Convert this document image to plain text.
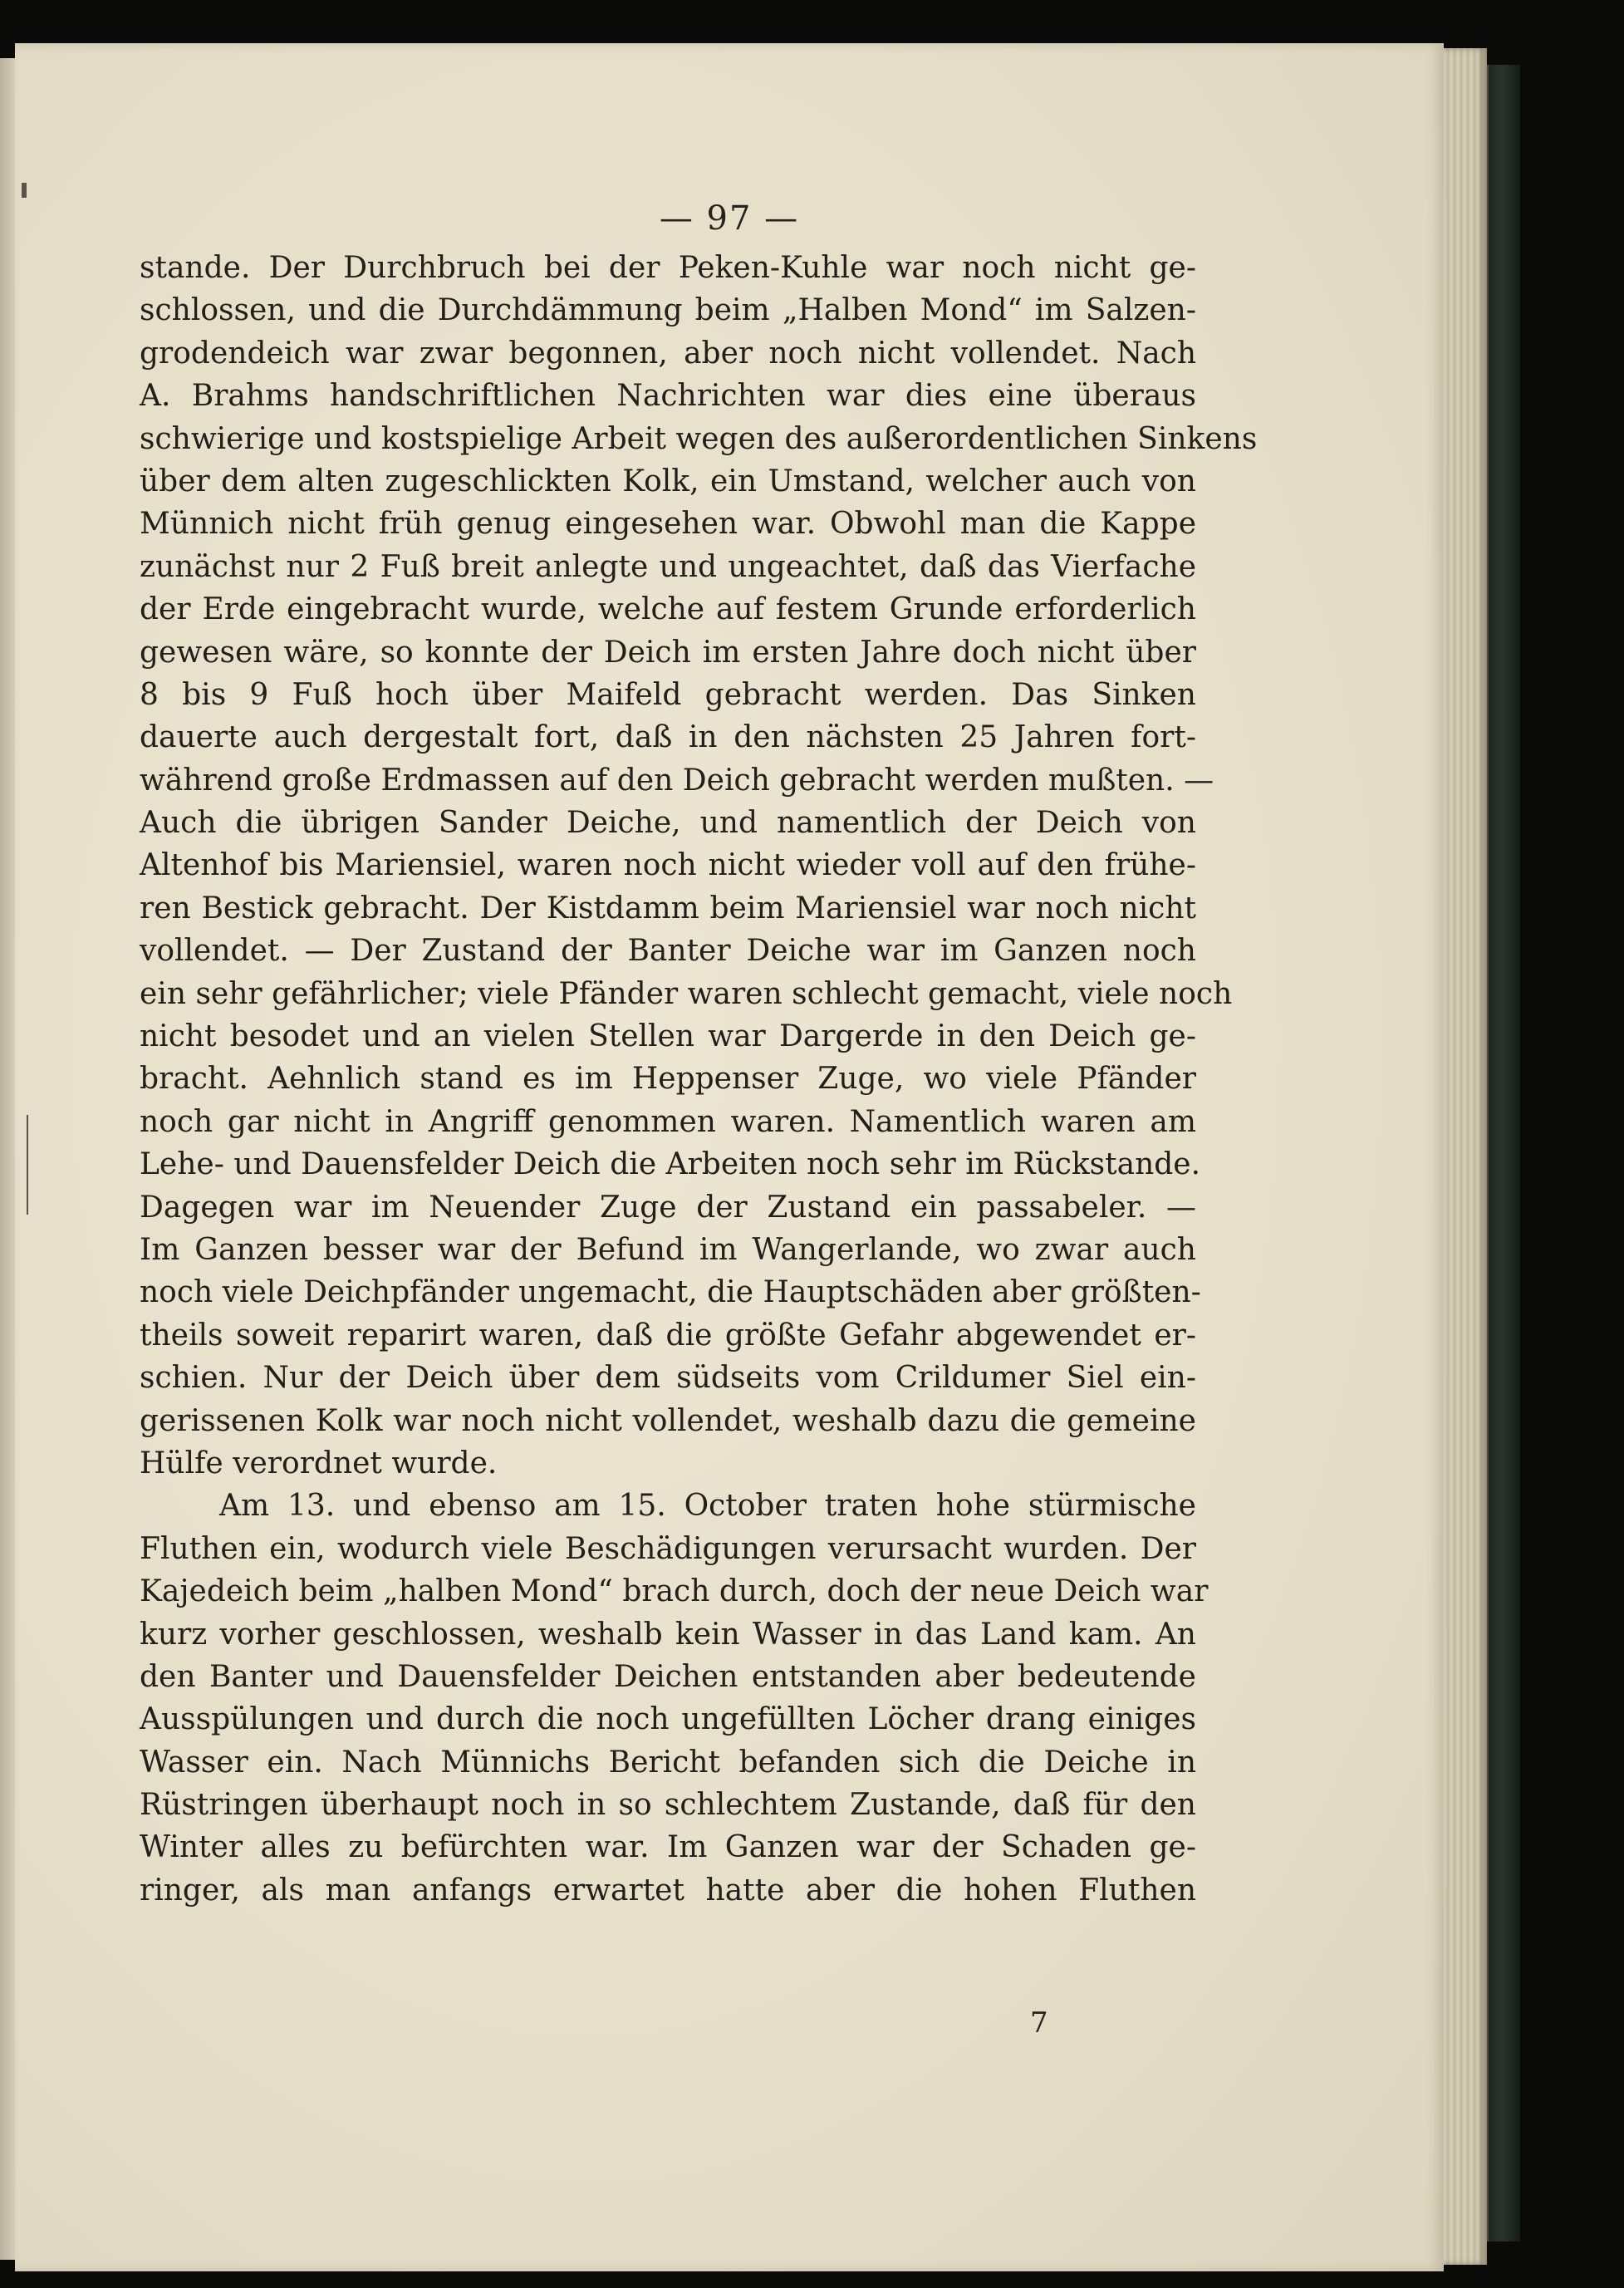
— 97 —
stande. Der Durchbruch bei der Peken-Kuhle war noch nicht ge-
schlossen, und die Durchdämmung beim „Halben Mond“ im Salzen-
grodendeich war zwar begonnen, aber noch nicht vollendet. Nach
A. Brahms handschriftlichen Nachrichten war dies eine überaus
schwierige und kostspielige Arbeit wegen des außerordentlichen Sinkens
über dem alten zugeschlickten Kolk, ein Umstand, welcher auch von
Münnich nicht früh genug eingesehen war. Obwohl man die Kappe
zunächst nur 2 Fuß breit anlegte und ungeachtet, daß das Vierfache
der Erde eingebracht wurde, welche auf festem Grunde erforderlich
gewesen wäre, so konnte der Deich im ersten Jahre doch nicht über
8 bis 9 Fuß hoch über Maifeld gebracht werden. Das Sinken
dauerte auch dergestalt fort, daß in den nächsten 25 Jahren fort-
während große Erdmassen auf den Deich gebracht werden mußten. —
Auch die übrigen Sander Deiche, und namentlich der Deich von
Altenhof bis Mariensiel, waren noch nicht wieder voll auf den frühe-
ren Bestick gebracht. Der Kistdamm beim Mariensiel war noch nicht
vollendet. — Der Zustand der Banter Deiche war im Ganzen noch
ein sehr gefährlicher; viele Pfänder waren schlecht gemacht, viele noch
nicht besodet und an vielen Stellen war Dargerde in den Deich ge-
bracht. Aehnlich stand es im Heppenser Zuge, wo viele Pfänder
noch gar nicht in Angriff genommen waren. Namentlich waren am
Lehe- und Dauensfelder Deich die Arbeiten noch sehr im Rückstande.
Dagegen war im Neuender Zuge der Zustand ein passabeler. —
Im Ganzen besser war der Befund im Wangerlande, wo zwar auch
noch viele Deichpfänder ungemacht, die Hauptschäden aber größten-
theils soweit reparirt waren, daß die größte Gefahr abgewendet er-
schien. Nur der Deich über dem südseits vom Crildumer Siel ein-
gerissenen Kolk war noch nicht vollendet, weshalb dazu die gemeine
Hülfe verordnet wurde.
Am 13. und ebenso am 15. October traten hohe stürmische
Fluthen ein, wodurch viele Beschädigungen verursacht wurden. Der
Kajedeich beim „halben Mond“ brach durch, doch der neue Deich war
kurz vorher geschlossen, weshalb kein Wasser in das Land kam. An
den Banter und Dauensfelder Deichen entstanden aber bedeutende
Ausspülungen und durch die noch ungefüllten Löcher drang einiges
Wasser ein. Nach Münnichs Bericht befanden sich die Deiche in
Rüstringen überhaupt noch in so schlechtem Zustande, daß für den
Winter alles zu befürchten war. Im Ganzen war der Schaden ge-
ringer, als man anfangs erwartet hatte aber die hohen Fluthen
7
